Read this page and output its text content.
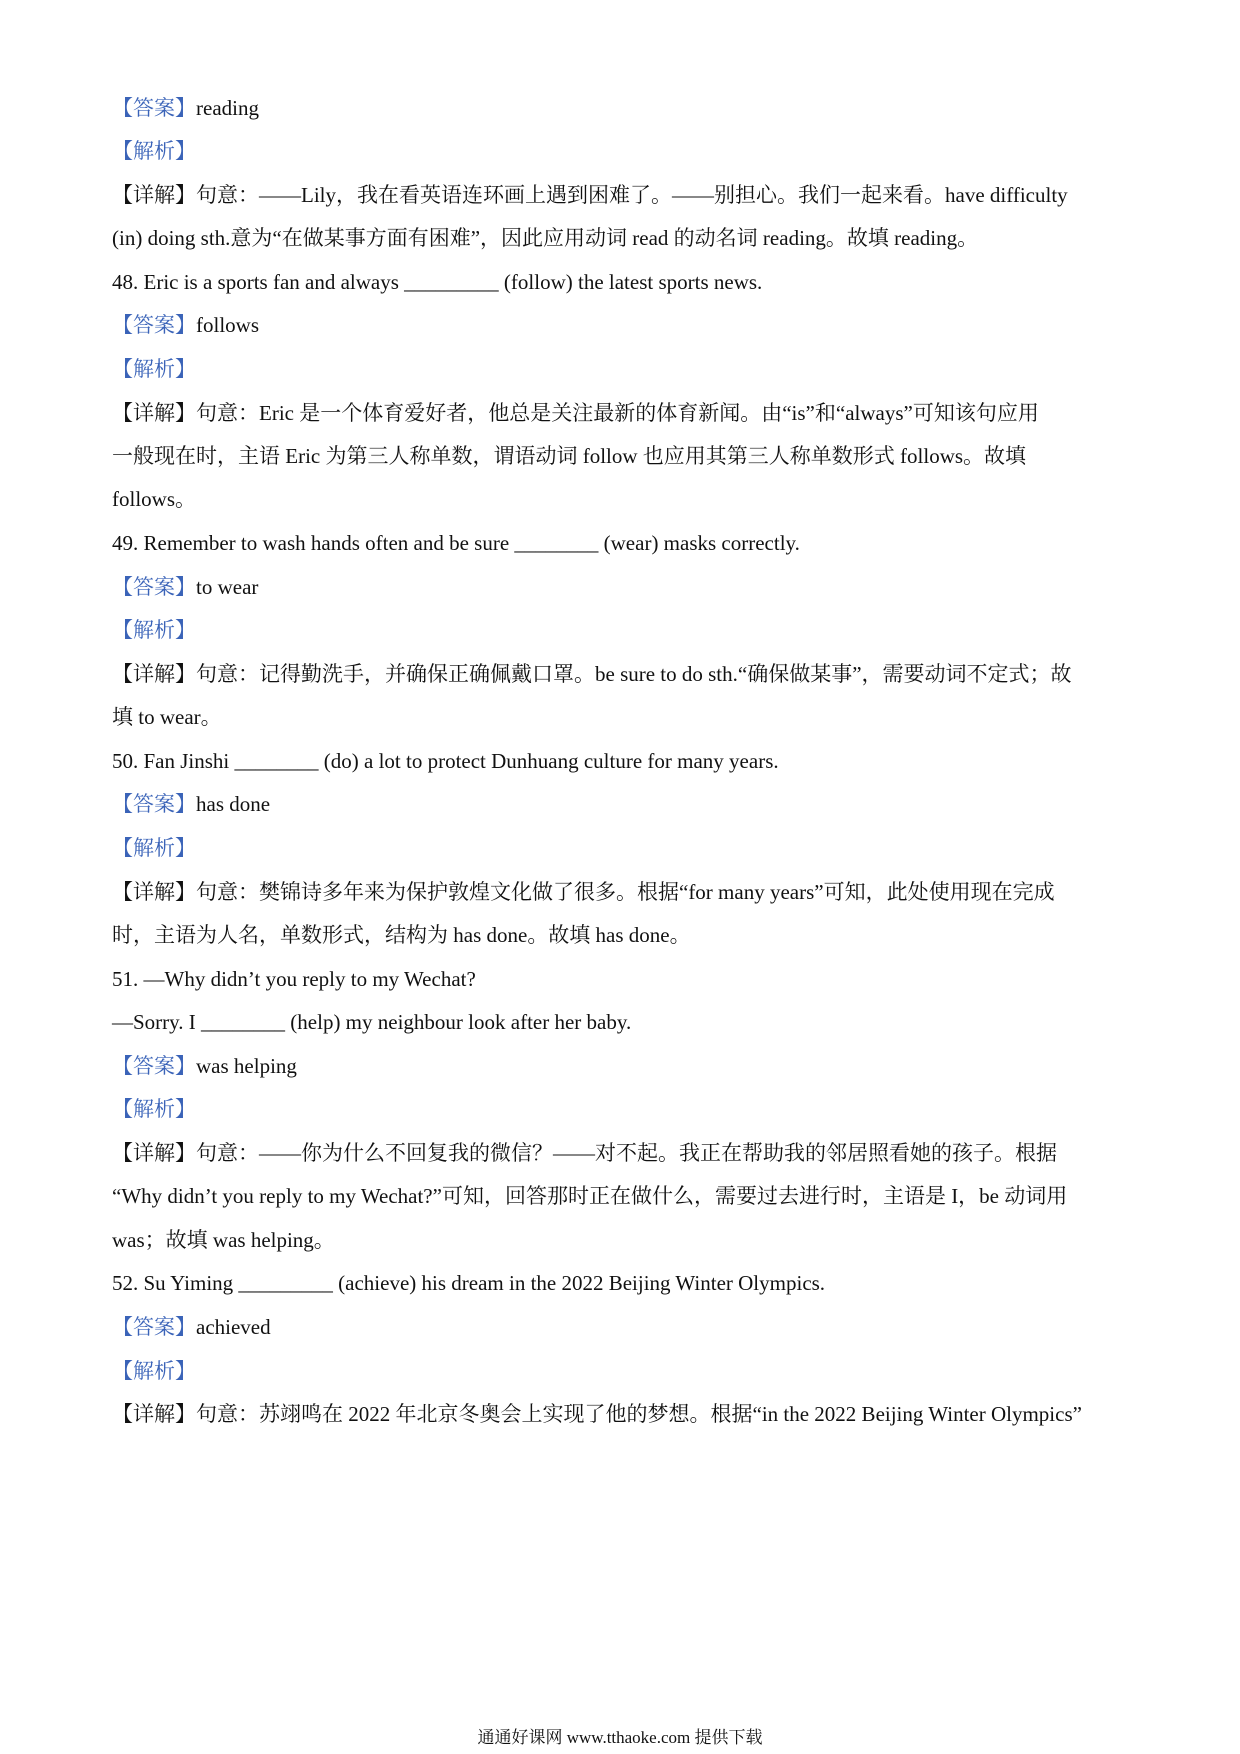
【答案】reading
【解析】
【详解】句意：——Lily，我在看英语连环画上遇到困难了。——别担心。我们一起来看。have difficulty
(in) doing sth.意为“在做某事方面有困难”，因此应用动词 read 的动名词 reading。故填 reading。
48. Eric is a sports fan and always _________ (follow) the latest sports news.
【答案】follows
【解析】
【详解】句意：Eric 是一个体育爱好者，他总是关注最新的体育新闻。由“is”和“always”可知该句应用
一般现在时，主语 Eric 为第三人称单数，谓语动词 follow 也应用其第三人称单数形式 follows。故填
follows。
49. Remember to wash hands often and be sure ________ (wear) masks correctly.
【答案】to wear
【解析】
【详解】句意：记得勤洗手，并确保正确佩戴口罩。be sure to do sth.“确保做某事”，需要动词不定式；故
填 to wear。
50. Fan Jinshi ________ (do) a lot to protect Dunhuang culture for many years.
【答案】has done
【解析】
【详解】句意：樊锦诗多年来为保护敦煌文化做了很多。根据“for many years”可知，此处使用现在完成
时，主语为人名，单数形式，结构为 has done。故填 has done。
51. —Why didn’t you reply to my Wechat?
—Sorry. I ________ (help) my neighbour look after her baby.
【答案】was helping
【解析】
【详解】句意：——你为什么不回复我的微信？——对不起。我正在帮助我的邻居照看她的孩子。根据
“Why didn’t you reply to my Wechat?”可知，回答那时正在做什么，需要过去进行时，主语是 I，be 动词用
was；故填 was helping。
52. Su Yiming _________ (achieve) his dream in the 2022 Beijing Winter Olympics.
【答案】achieved
【解析】
【详解】句意：苏翊鸣在 2022 年北京冬奥会上实现了他的梦想。根据“in the 2022 Beijing Winter Olympics”
通通好课网 www.tthaoke.com 提供下载
